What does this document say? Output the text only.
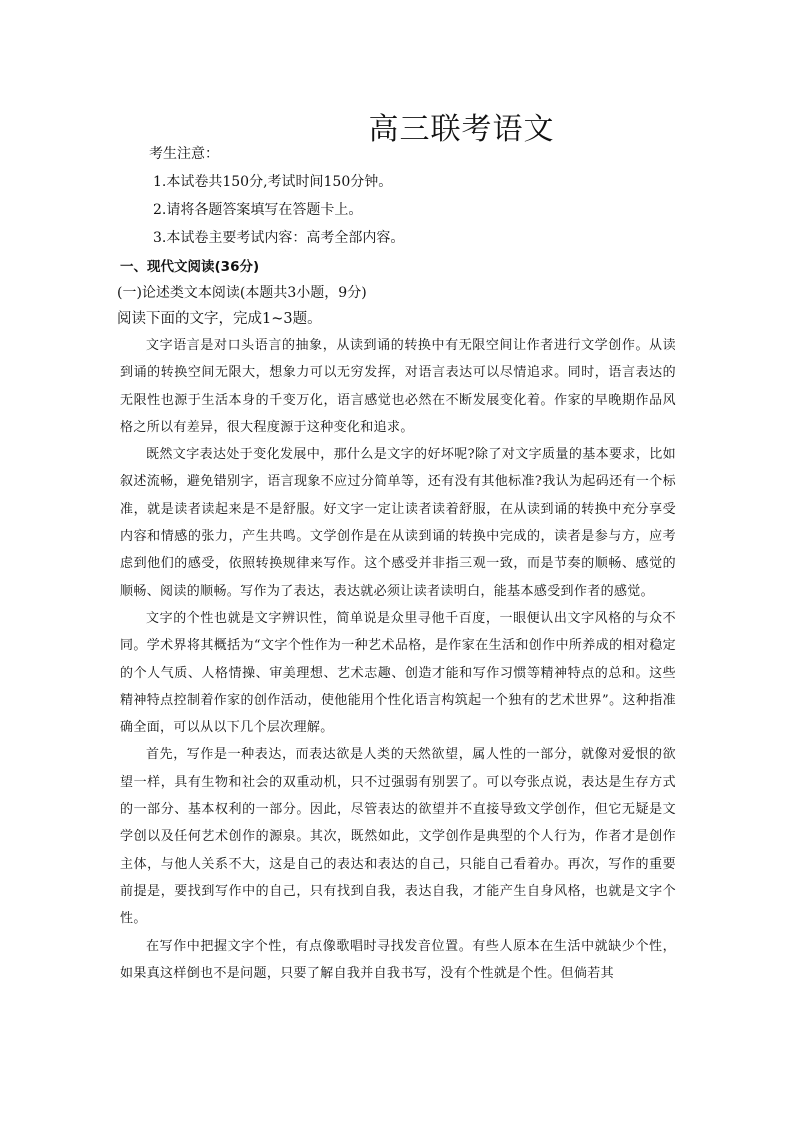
高三联考语文
考生注意：
1.本试卷共150分,考试时间150分钟。
2.请将各题答案填写在答题卡上。
3.本试卷主要考试内容：高考全部内容。
一、现代文阅读(36分)
(一)论述类文本阅读(本题共3小题，9分)
阅读下面的文字，完成1~3题。

文字语言是对口头语言的抽象，从读到诵的转换中有无限空间让作者进行文学创作。从读到诵的转换空间无限大，想象力可以无穷发挥，对语言表达可以尽情追求。同时，语言表达的无限性也源于生活本身的千变万化，语言感觉也必然在不断发展变化着。作家的早晚期作品风格之所以有差异，很大程度源于这种变化和追求。

既然文字表达处于变化发展中，那什么是文字的好坏呢?除了对文字质量的基本要求，比如叙述流畅，避免错别字，语言现象不应过分简单等，还有没有其他标准?我认为起码还有一个标准，就是读者读起来是不是舒服。好文字一定让读者读着舒服，在从读到诵的转换中充分享受内容和情感的张力，产生共鸣。文学创作是在从读到诵的转换中完成的，读者是参与方，应考虑到他们的感受，依照转换规律来写作。这个感受并非指三观一致，而是节奏的顺畅、感觉的顺畅、阅读的顺畅。写作为了表达，表达就必须让读者读明白，能基本感受到作者的感觉。

文字的个性也就是文字辨识性，简单说是众里寻他千百度，一眼便认出文字风格的与众不同。学术界将其概括为“文字个性作为一种艺术品格，是作家在生活和创作中所养成的相对稳定的个人气质、人格情操、审美理想、艺术志趣、创造才能和写作习惯等精神特点的总和。这些精神特点控制着作家的创作活动，使他能用个性化语言构筑起一个独有的艺术世界”。这种指准确全面，可以从以下几个层次理解。

首先，写作是一种表达，而表达欲是人类的天然欲望，属人性的一部分，就像对爱恨的欲望一样，具有生物和社会的双重动机，只不过强弱有别罢了。可以夸张点说，表达是生存方式的一部分、基本权利的一部分。因此，尽管表达的欲望并不直接导致文学创作，但它无疑是文学创以及任何艺术创作的源泉。其次，既然如此，文学创作是典型的个人行为，作者才是创作主体，与他人关系不大，这是自己的表达和表达的自己，只能自己看着办。再次，写作的重要前提是，要找到写作中的自己，只有找到自我，表达自我，才能产生自身风格，也就是文字个性。

在写作中把握文字个性，有点像歌唱时寻找发音位置。有些人原本在生活中就缺少个性，如果真这样倒也不是问题，只要了解自我并自我书写，没有个性就是个性。但倘若其
